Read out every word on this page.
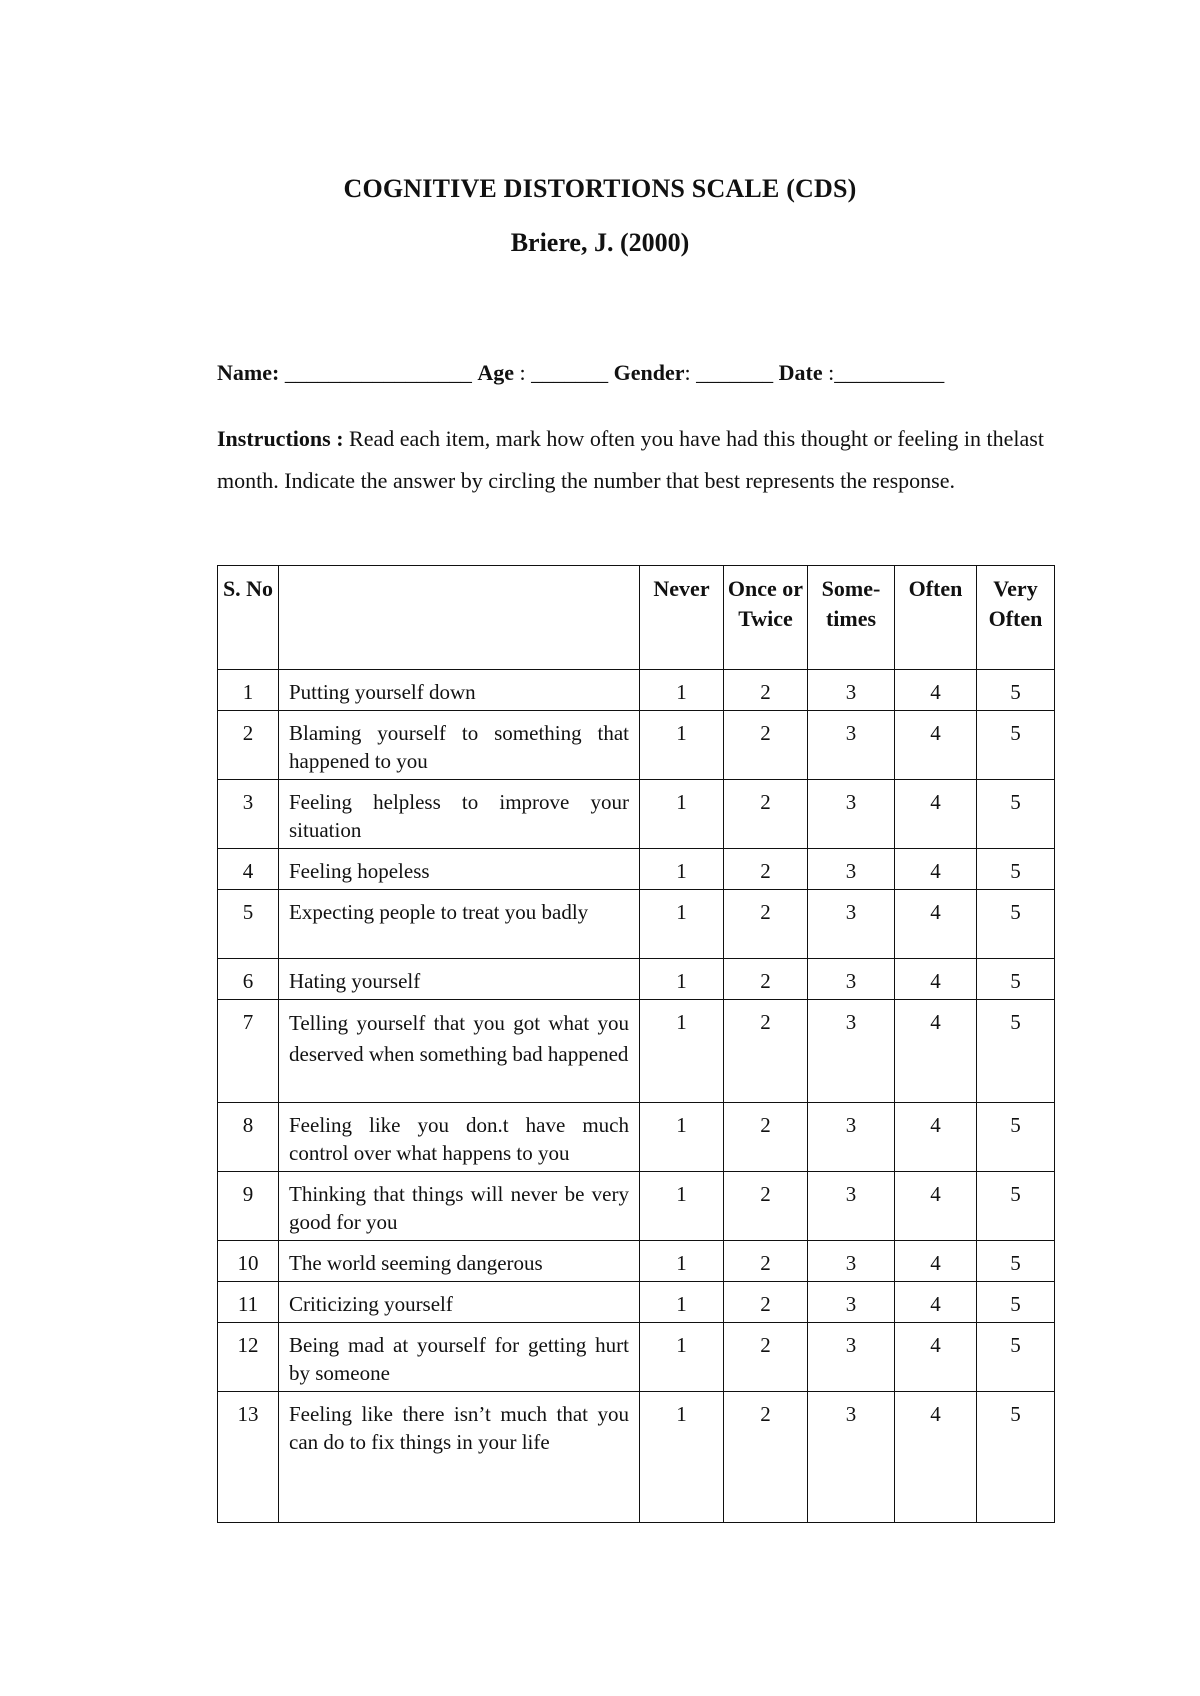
COGNITIVE DISTORTIONS SCALE (CDS)
Briere, J. (2000)
Name: _________________ Age : _______ Gender: _______ Date :__________
Instructions : Read each item, mark how often you have had this thought or feeling in thelast month. Indicate the answer by circling the number that best represents the response.
S. No		Never	Once or Twice	Some-times	Often	Very Often
1	Putting yourself down	1	2	3	4	5
2	Blaming yourself to something that happened to you	1	2	3	4	5
3	Feeling helpless to improve your situation	1	2	3	4	5
4	Feeling hopeless	1	2	3	4	5
5	Expecting people to treat you badly	1	2	3	4	5
6	Hating yourself	1	2	3	4	5
7	Telling yourself that you got what you deserved when something bad happened	1	2	3	4	5
8	Feeling like you don.t have much control over what happens to you	1	2	3	4	5
9	Thinking that things will never be very good for you	1	2	3	4	5
10	The world seeming dangerous	1	2	3	4	5
11	Criticizing yourself	1	2	3	4	5
12	Being mad at yourself for getting hurt by someone	1	2	3	4	5
13	Feeling like there isn’t much that you can do to fix things in your life	1	2	3	4	5
